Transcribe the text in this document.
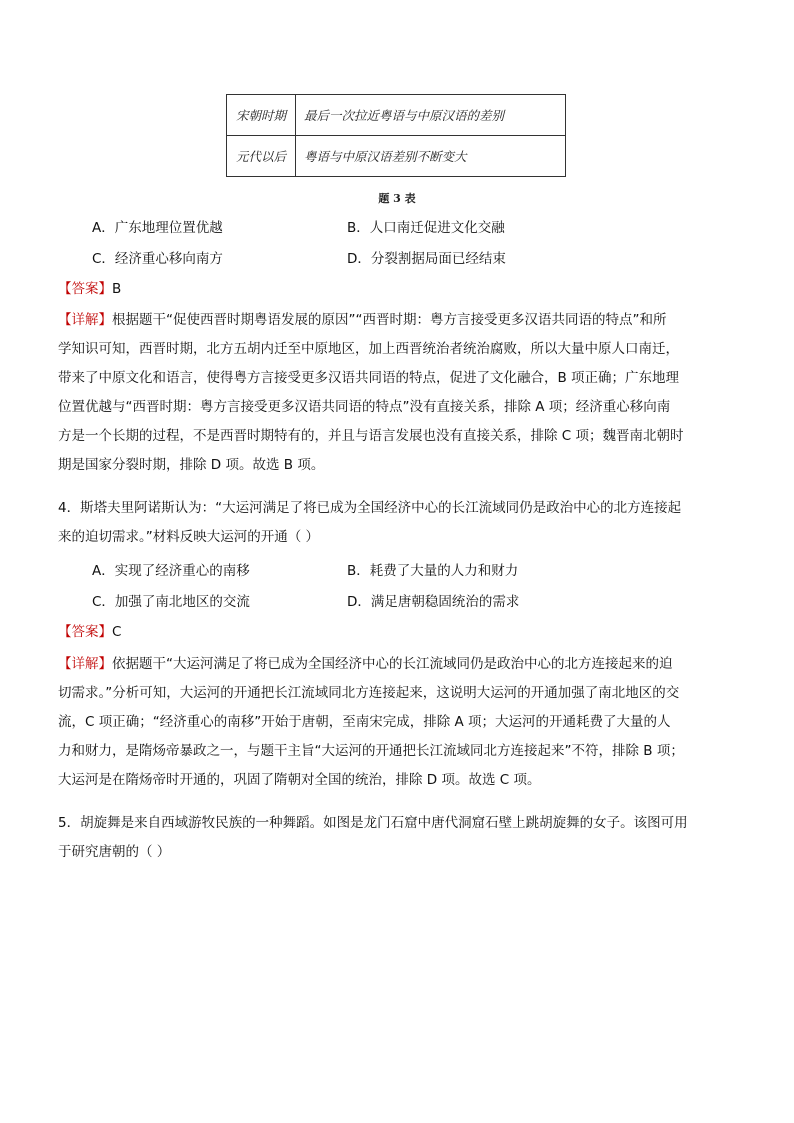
宋朝时期	最后一次拉近粤语与中原汉语的差别
元代以后	粤语与中原汉语差别不断变大
题 3 表
A．广东地理位置优越	B．人口南迁促进文化交融
C．经济重心移向南方	D．分裂割据局面已经结束
【答案】B
【详解】根据题干“促使西晋时期粤语发展的原因”“西晋时期：粤方言接受更多汉语共同语的特点”和所
学知识可知，西晋时期，北方五胡内迁至中原地区，加上西晋统治者统治腐败，所以大量中原人口南迁，
带来了中原文化和语言，使得粤方言接受更多汉语共同语的特点，促进了文化融合，B 项正确；广东地理
位置优越与“西晋时期：粤方言接受更多汉语共同语的特点”没有直接关系，排除 A 项；经济重心移向南
方是一个长期的过程，不是西晋时期特有的，并且与语言发展也没有直接关系，排除 C 项；魏晋南北朝时
期是国家分裂时期，排除 D 项。故选 B 项。
4．斯塔夫里阿诺斯认为：“大运河满足了将已成为全国经济中心的长江流域同仍是政治中心的北方连接起
来的迫切需求。”材料反映大运河的开通（ ）
A．实现了经济重心的南移	B．耗费了大量的人力和财力
C．加强了南北地区的交流	D．满足唐朝稳固统治的需求
【答案】C
【详解】依据题干“大运河满足了将已成为全国经济中心的长江流域同仍是政治中心的北方连接起来的迫
切需求。”分析可知，大运河的开通把长江流域同北方连接起来，这说明大运河的开通加强了南北地区的交
流，C 项正确；“经济重心的南移”开始于唐朝，至南宋完成，排除 A 项；大运河的开通耗费了大量的人
力和财力，是隋炀帝暴政之一，与题干主旨“大运河的开通把长江流域同北方连接起来”不符，排除 B 项；
大运河是在隋炀帝时开通的，巩固了隋朝对全国的统治，排除 D 项。故选 C 项。
5．胡旋舞是来自西域游牧民族的一种舞蹈。如图是龙门石窟中唐代洞窟石壁上跳胡旋舞的女子。该图可用
于研究唐朝的（ ）
